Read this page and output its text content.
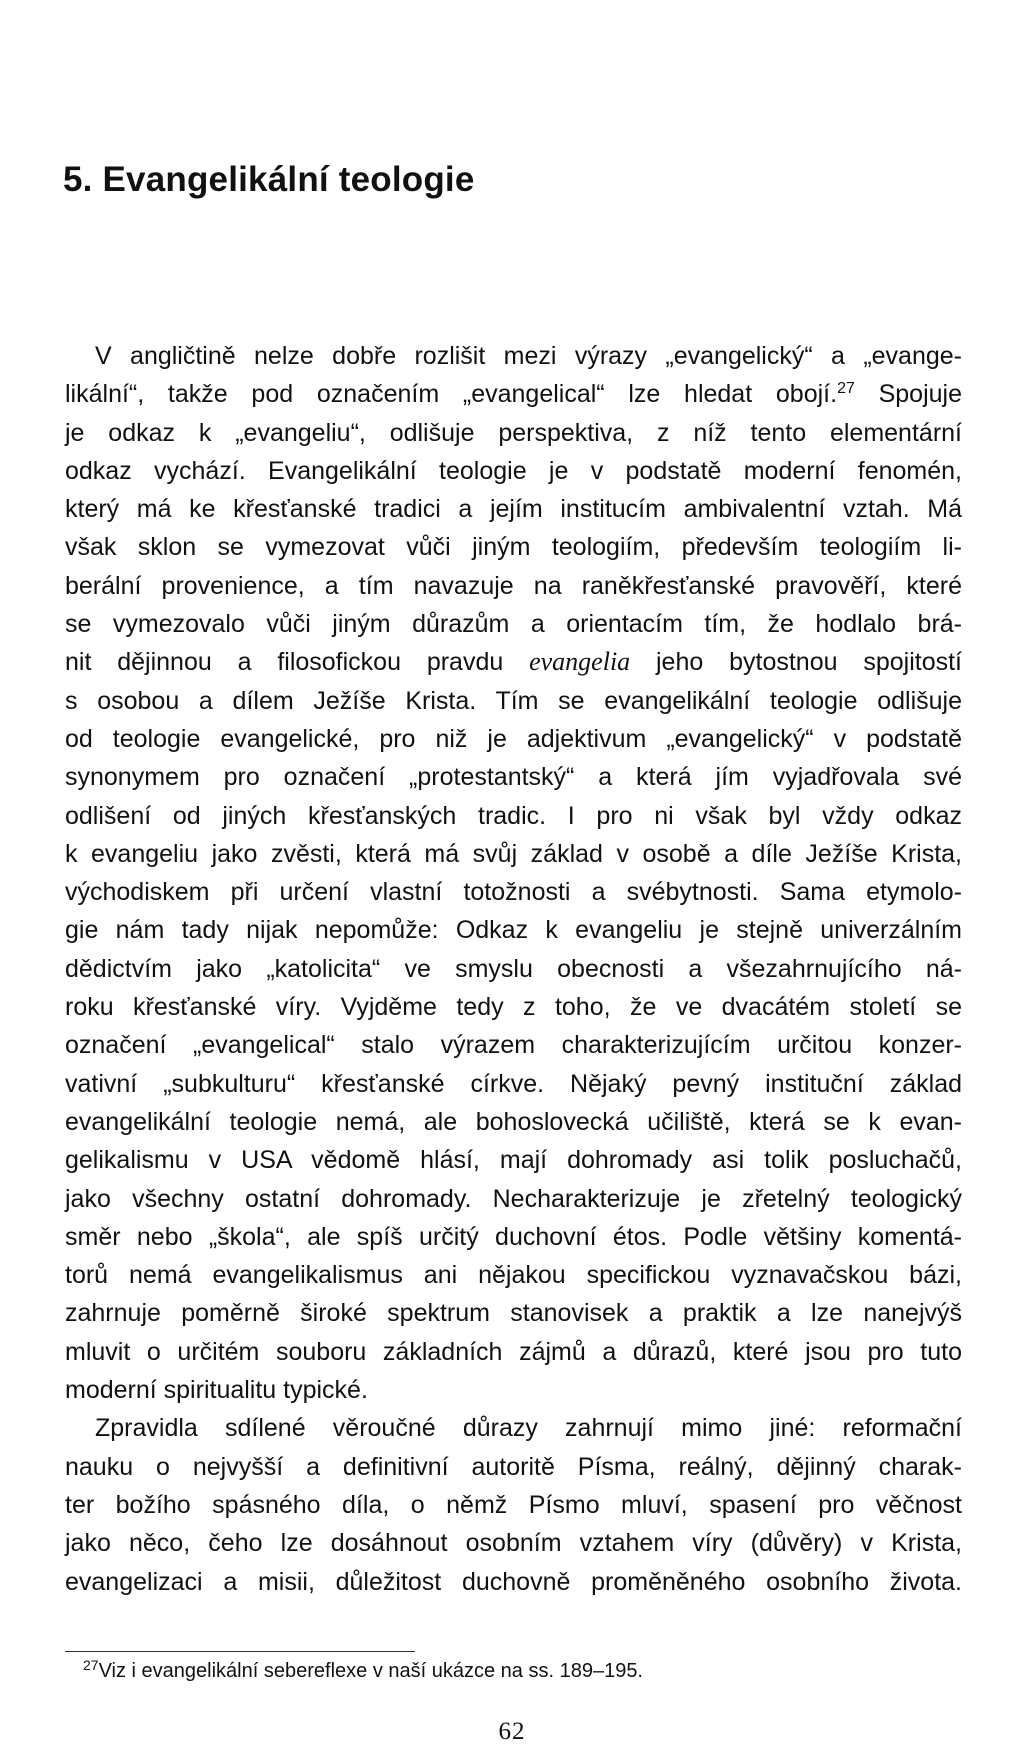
5. Evangelikální teologie
V angličtině nelze dobře rozlišit mezi výrazy „evangelický“ a „evange-
likální“, takže pod označením „evangelical“ lze hledat obojí.$^{27}$ Spojuje
je odkaz k „evangeliu“, odlišuje perspektiva, z níž tento elementární
odkaz vychází. Evangelikální teologie je v podstatě moderní fenomén,
který má ke křesťanské tradici a jejím institucím ambivalentní vztah. Má
však sklon se vymezovat vůči jiným teologiím, především teologiím li-
berální provenience, a tím navazuje na raněkřesťanské pravověří, které
se vymezovalo vůči jiným důrazům a orientacím tím, že hodlalo brá-
nit dějinnou a filosofickou pravdu evangelia jeho bytostnou spojitostí
s osobou a dílem Ježíše Krista. Tím se evangelikální teologie odlišuje
od teologie evangelické, pro niž je adjektivum „evangelický“ v podstatě
synonymem pro označení „protestantský“ a která jím vyjadřovala své
odlišení od jiných křesťanských tradic. I pro ni však byl vždy odkaz
k evangeliu jako zvěsti, která má svůj základ v osobě a díle Ježíše Krista,
východiskem při určení vlastní totožnosti a svébytnosti. Sama etymolo-
gie nám tady nijak nepomůže: Odkaz k evangeliu je stejně univerzálním
dědictvím jako „katolicita“ ve smyslu obecnosti a všezahrnujícího ná-
roku křesťanské víry. Vyjděme tedy z toho, že ve dvacátém století se
označení „evangelical“ stalo výrazem charakterizujícím určitou konzer-
vativní „subkulturu“ křesťanské církve. Nějaký pevný instituční základ
evangelikální teologie nemá, ale bohoslovecká učiliště, která se k evan-
gelikalismu v USA vědomě hlásí, mají dohromady asi tolik posluchačů,
jako všechny ostatní dohromady. Necharakterizuje je zřetelný teologický
směr nebo „škola“, ale spíš určitý duchovní étos. Podle většiny komentá-
torů nemá evangelikalismus ani nějakou specifickou vyznavačskou bázi,
zahrnuje poměrně široké spektrum stanovisek a praktik a lze nanejvýš
mluvit o určitém souboru základních zájmů a důrazů, které jsou pro tuto
moderní spiritualitu typické.
Zpravidla sdílené věroučné důrazy zahrnují mimo jiné: reformační
nauku o nejvyšší a definitivní autoritě Písma, reálný, dějinný charak-
ter božího spásného díla, o němž Písmo mluví, spasení pro věčnost
jako něco, čeho lze dosáhnout osobním vztahem víry (důvěry) v Krista,
evangelizaci a misii, důležitost duchovně proměněného osobního života.
$^{27}$Viz i evangelikální sebereflexe v naší ukázce na ss. 189–195.
62
